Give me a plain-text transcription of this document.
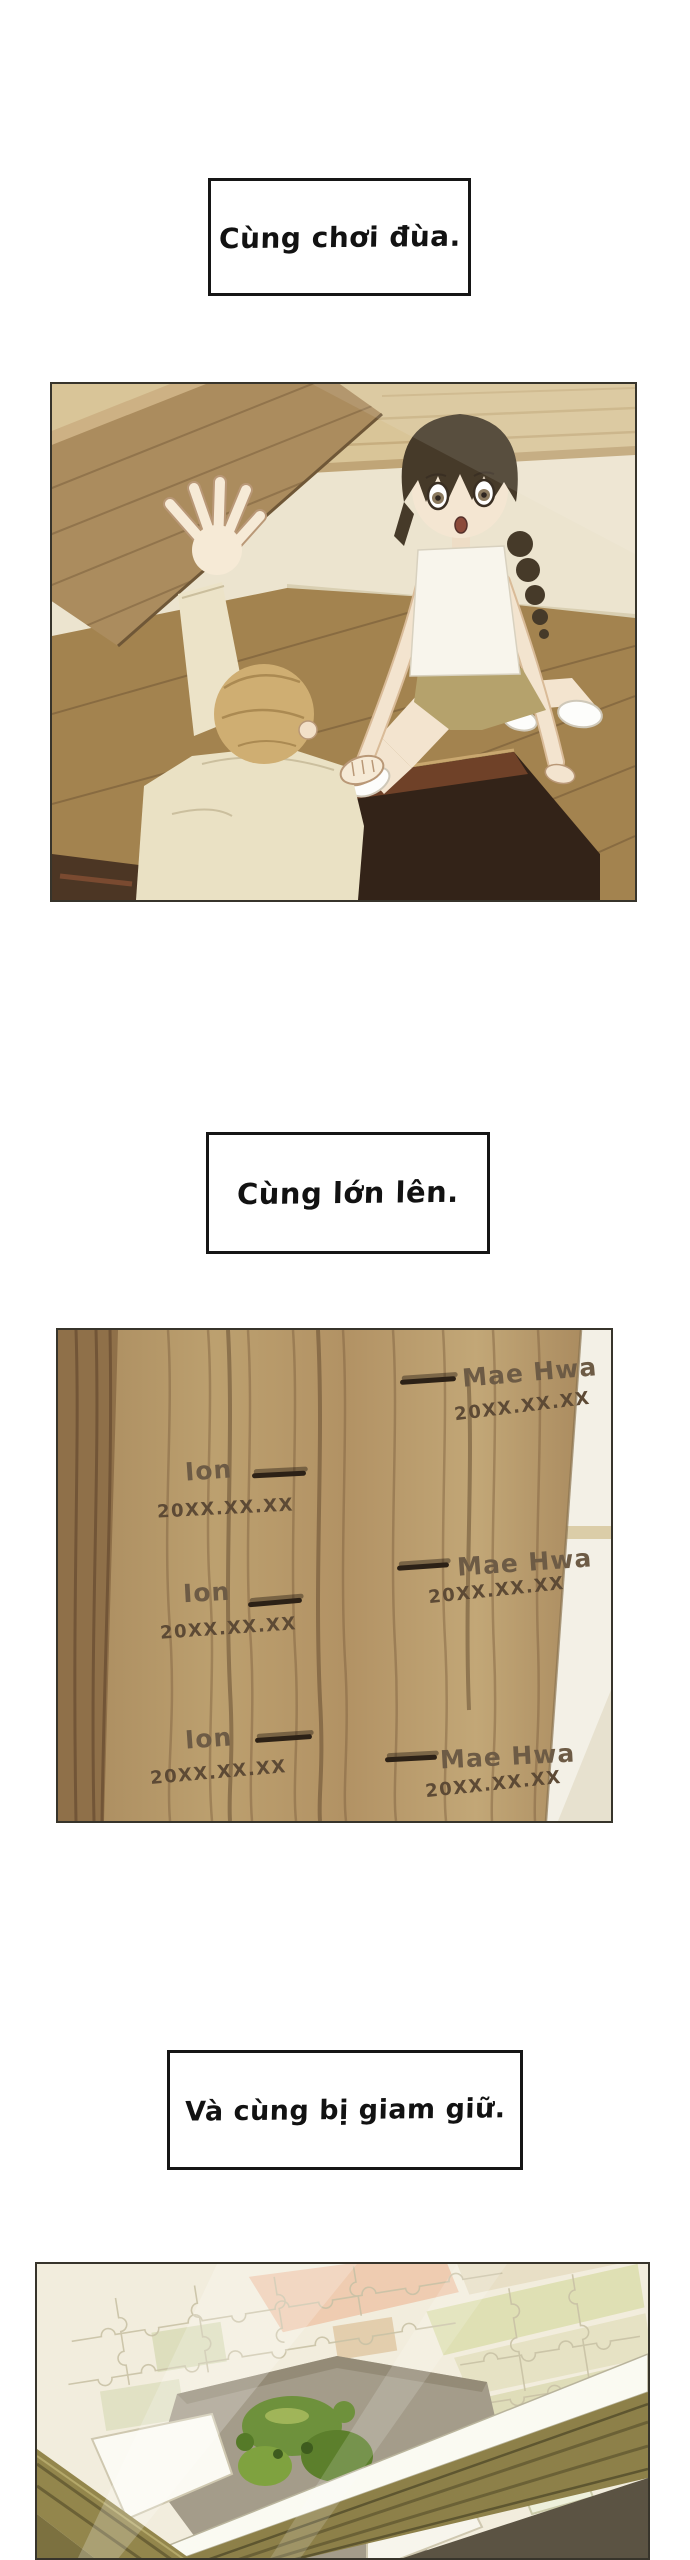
Cùng chơi đùa.
Cùng lớn lên.
Mae Hwa
20XX.XX.XX
Ion
20XX.XX.XX
Mae Hwa
20XX.XX.XX
Ion
20XX.XX.XX
Ion
20XX.XX.XX	Mae Hwa
20XX.XX.XX
Và cùng bị giam giữ.
